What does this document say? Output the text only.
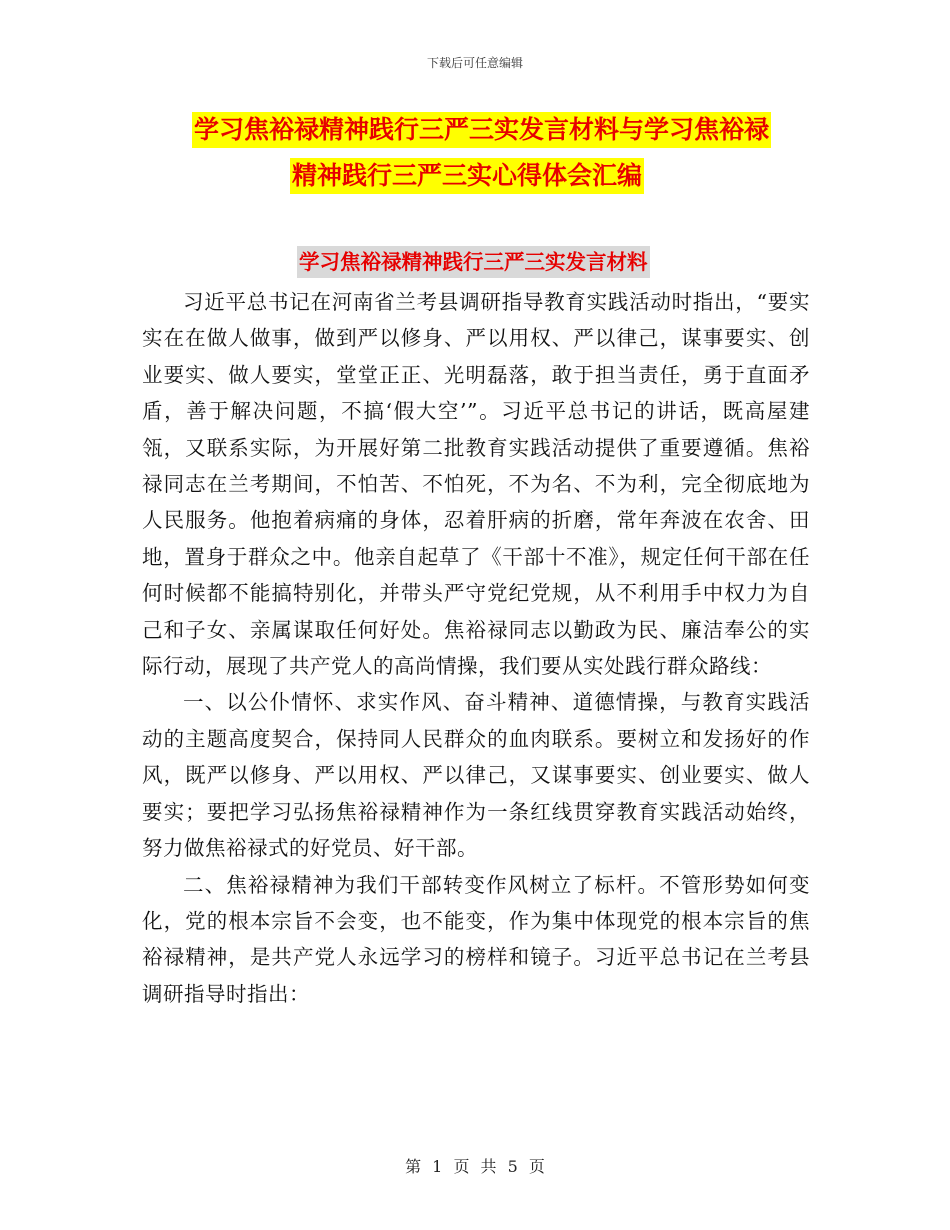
下载后可任意编辑
学习焦裕禄精神践行三严三实发言材料与学习焦裕禄
精神践行三严三实心得体会汇编
学习焦裕禄精神践行三严三实发言材料

习近平总书记在河南省兰考县调研指导教育实践活动时指出，“要实实在在做人做事，做到严以修身、严以用权、严以律己，谋事要实、创业要实、做人要实，堂堂正正、光明磊落，敢于担当责任，勇于直面矛盾，善于解决问题，不搞‘假大空’”。习近平总书记的讲话，既高屋建瓴，又联系实际，为开展好第二批教育实践活动提供了重要遵循。焦裕禄同志在兰考期间，不怕苦、不怕死，不为名、不为利，完全彻底地为人民服务。他抱着病痛的身体，忍着肝病的折磨，常年奔波在农舍、田地，置身于群众之中。他亲自起草了《干部十不准》，规定任何干部在任何时候都不能搞特别化，并带头严守党纪党规，从不利用手中权力为自己和子女、亲属谋取任何好处。焦裕禄同志以勤政为民、廉洁奉公的实际行动，展现了共产党人的高尚情操，我们要从实处践行群众路线：

一、以公仆情怀、求实作风、奋斗精神、道德情操，与教育实践活动的主题高度契合，保持同人民群众的血肉联系。要树立和发扬好的作风，既严以修身、严以用权、严以律己，又谋事要实、创业要实、做人要实；要把学习弘扬焦裕禄精神作为一条红线贯穿教育实践活动始终，努力做焦裕禄式的好党员、好干部。

二、焦裕禄精神为我们干部转变作风树立了标杆。不管形势如何变化，党的根本宗旨不会变，也不能变，作为集中体现党的根本宗旨的焦裕禄精神，是共产党人永远学习的榜样和镜子。习近平总书记在兰考县调研指导时指出：

第 1 页 共 5 页
